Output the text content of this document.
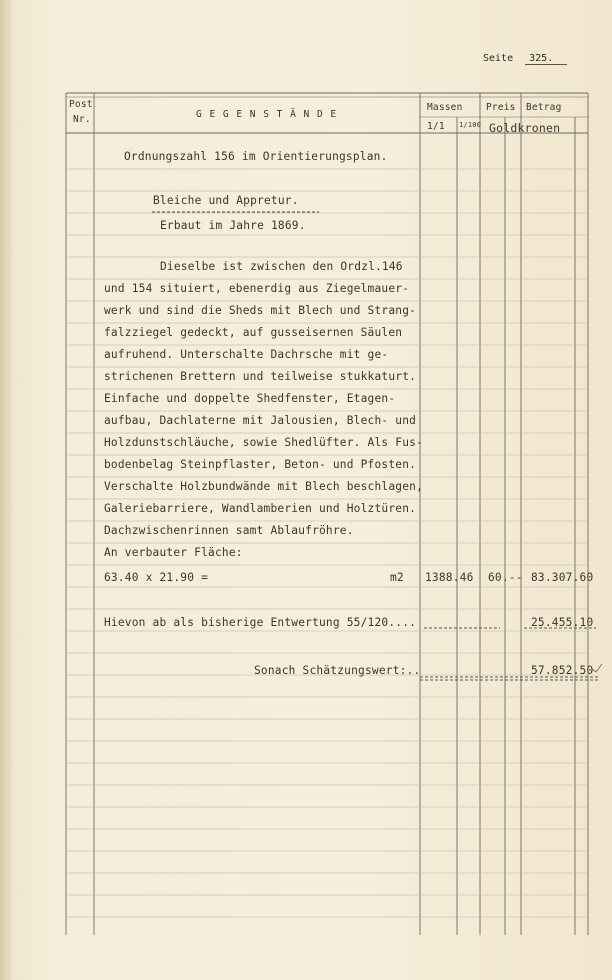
Seite 325.
Post
Nr.	G E G E N S T Ä N D E
Massen
1/1 1/100
Preis Betrag
Goldkronen
Ordnungszahl 156 im Orientierungsplan.
Bleiche und Appretur.
Erbaut im Jahre 1869.
Dieselbe ist zwischen den Ordzl.146
und 154 situiert, ebenerdig aus Ziegelmauer-
werk und sind die Sheds mit Blech und Strang-
falzziegel gedeckt, auf gusseisernen Säulen
aufruhend. Unterschalte Dachrsche mit ge-
strichenen Brettern und teilweise stukkaturt.
Einfache und doppelte Shedfenster, Etagen-
aufbau, Dachlaterne mit Jalousien, Blech- und
Holzdunstschläuche, sowie Shedlüfter. Als Fus-
bodenbelag Steinpflaster, Beton- und Pfosten.
Verschalte Holzbundwände mit Blech beschlagen,
Galeriebarriere, Wandlamberien und Holztüren.
Dachzwischenrinnen samt Ablaufröhre.
An verbauter Fläche:
63.40 x 21.90 =	m2 1388.46 60.-- 83.307.60
Hievon ab als bisherige Entwertung 55/120....	25.455.10
Sonach Schätzungswert:..	57.852.50
